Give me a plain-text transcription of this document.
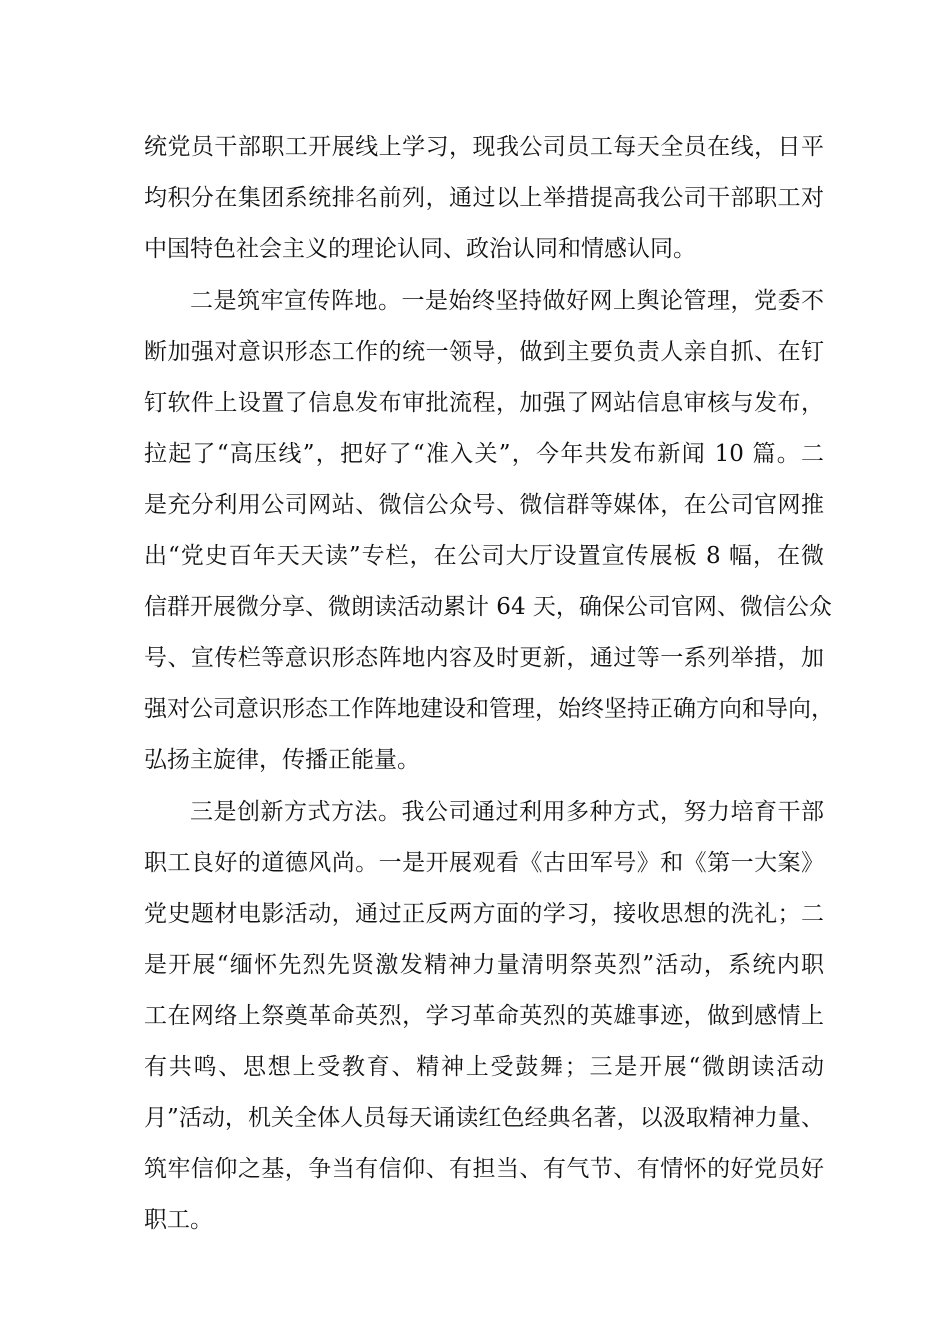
统党员干部职工开展线上学习，现我公司员工每天全员在线，日平
均积分在集团系统排名前列，通过以上举措提高我公司干部职工对
中国特色社会主义的理论认同、政治认同和情感认同。
二是筑牢宣传阵地。一是始终坚持做好网上舆论管理，党委不
断加强对意识形态工作的统一领导，做到主要负责人亲自抓、在钉
钉软件上设置了信息发布审批流程，加强了网站信息审核与发布，
拉起了“高压线”，把好了“准入关”，今年共发布新闻 10 篇。二
是充分利用公司网站、微信公众号、微信群等媒体，在公司官网推
出“党史百年天天读”专栏，在公司大厅设置宣传展板 8 幅，在微
信群开展微分享、微朗读活动累计 64 天，确保公司官网、微信公众
号、宣传栏等意识形态阵地内容及时更新，通过等一系列举措，加
强对公司意识形态工作阵地建设和管理，始终坚持正确方向和导向，
弘扬主旋律，传播正能量。
三是创新方式方法。我公司通过利用多种方式，努力培育干部
职工良好的道德风尚。一是开展观看《古田军号》和《第一大案》
党史题材电影活动，通过正反两方面的学习，接收思想的洗礼；二
是开展“缅怀先烈先贤激发精神力量清明祭英烈”活动，系统内职
工在网络上祭奠革命英烈，学习革命英烈的英雄事迹，做到感情上
有共鸣、思想上受教育、精神上受鼓舞；三是开展“微朗读活动
月”活动，机关全体人员每天诵读红色经典名著，以汲取精神力量、
筑牢信仰之基，争当有信仰、有担当、有气节、有情怀的好党员好
职工。
